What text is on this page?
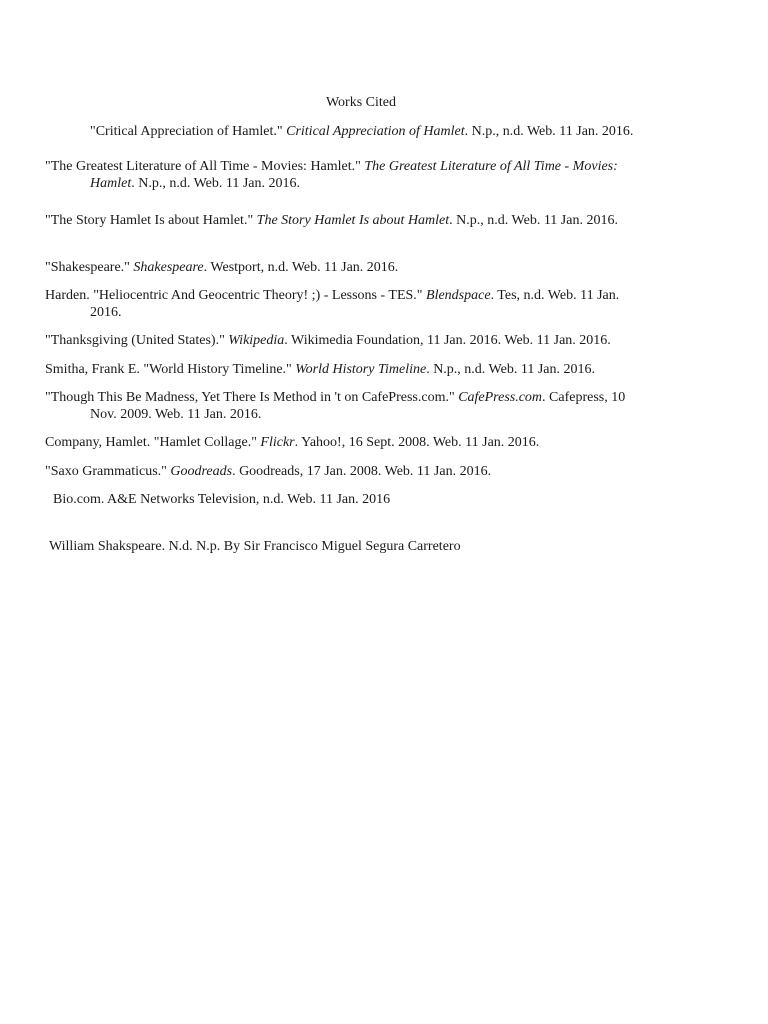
Works Cited
"Critical Appreciation of Hamlet." Critical Appreciation of Hamlet. N.p., n.d. Web. 11 Jan. 2016.
"The Greatest Literature of All Time - Movies: Hamlet." The Greatest Literature of All Time - Movies:
Hamlet. N.p., n.d. Web. 11 Jan. 2016.
"The Story Hamlet Is about Hamlet." The Story Hamlet Is about Hamlet. N.p., n.d. Web. 11 Jan. 2016.
"Shakespeare." Shakespeare. Westport, n.d. Web. 11 Jan. 2016.
Harden. "Heliocentric And Geocentric Theory! ;) - Lessons - TES." Blendspace. Tes, n.d. Web. 11 Jan.
2016.
"Thanksgiving (United States)." Wikipedia. Wikimedia Foundation, 11 Jan. 2016. Web. 11 Jan. 2016.
Smitha, Frank E. "World History Timeline." World History Timeline. N.p., n.d. Web. 11 Jan. 2016.
"Though This Be Madness, Yet There Is Method in 't on CafePress.com." CafePress.com. Cafepress, 10
Nov. 2009. Web. 11 Jan. 2016.
Company, Hamlet. "Hamlet Collage." Flickr. Yahoo!, 16 Sept. 2008. Web. 11 Jan. 2016.
"Saxo Grammaticus." Goodreads. Goodreads, 17 Jan. 2008. Web. 11 Jan. 2016.
Bio.com. A&E Networks Television, n.d. Web. 11 Jan. 2016
William Shakspeare. N.d. N.p. By Sir Francisco Miguel Segura Carretero
